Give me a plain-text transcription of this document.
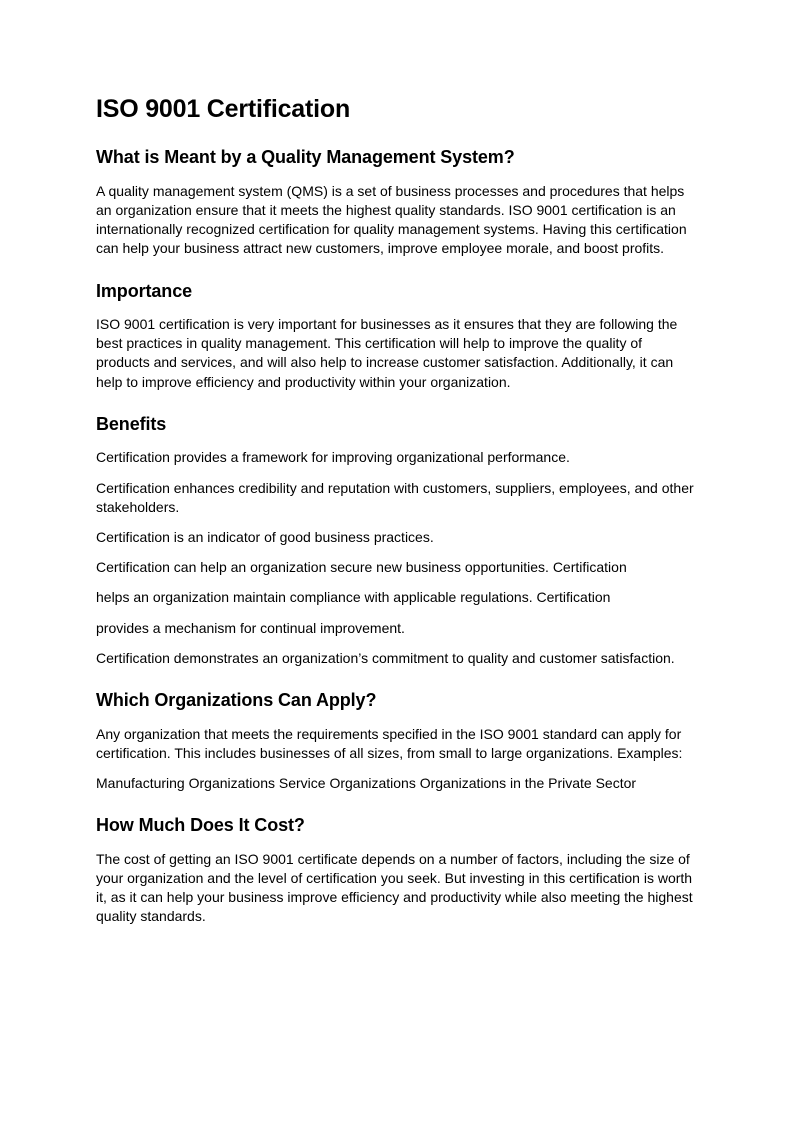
ISO 9001 Certification
What is Meant by a Quality Management System?

A quality management system (QMS) is a set of business processes and procedures that helps an organization ensure that it meets the highest quality standards. ISO 9001 certification is an internationally recognized certification for quality management systems. Having this certification can help your business attract new customers, improve employee morale, and boost profits.

Importance

ISO 9001 certification is very important for businesses as it ensures that they are following the best practices in quality management. This certification will help to improve the quality of products and services, and will also help to increase customer satisfaction. Additionally, it can help to improve efficiency and productivity within your organization.

Benefits

Certification provides a framework for improving organizational performance.

Certification enhances credibility and reputation with customers, suppliers, employees, and other stakeholders.

Certification is an indicator of good business practices.

Certification can help an organization secure new business opportunities. Certification

helps an organization maintain compliance with applicable regulations. Certification

provides a mechanism for continual improvement.

Certification demonstrates an organization’s commitment to quality and customer satisfaction.

Which Organizations Can Apply?

Any organization that meets the requirements specified in the ISO 9001 standard can apply for certification. This includes businesses of all sizes, from small to large organizations. Examples:

Manufacturing Organizations Service Organizations Organizations in the Private Sector

How Much Does It Cost?

The cost of getting an ISO 9001 certificate depends on a number of factors, including the size of your organization and the level of certification you seek. But investing in this certification is worth it, as it can help your business improve efficiency and productivity while also meeting the highest quality standards.
